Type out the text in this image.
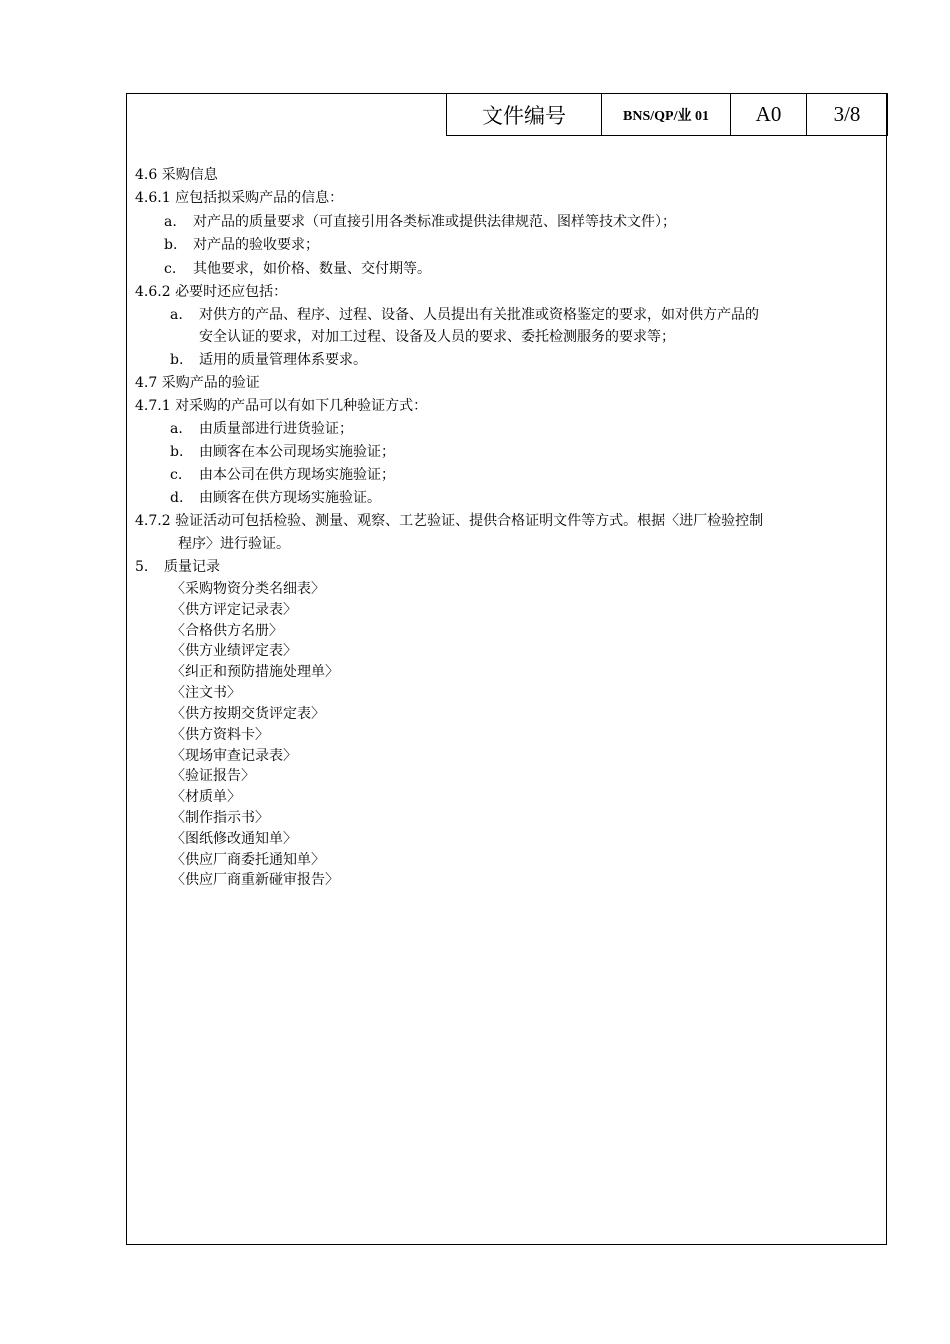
文件编号	BNS/QP/业 01	A0	3/8
4.6 采购信息
4.6.1 应包括拟采购产品的信息：
a. 对产品的质量要求（可直接引用各类标准或提供法律规范、图样等技术文件）；
b. 对产品的验收要求；
c. 其他要求，如价格、数量、交付期等。
4.6.2 必要时还应包括：
a. 对供方的产品、程序、过程、设备、人员提出有关批准或资格鉴定的要求，如对供方产品的
安全认证的要求，对加工过程、设备及人员的要求、委托检测服务的要求等；
b. 适用的质量管理体系要求。
4.7 采购产品的验证
4.7.1 对采购的产品可以有如下几种验证方式：
a. 由质量部进行进货验证；
b. 由顾客在本公司现场实施验证；
c. 由本公司在供方现场实施验证；
d. 由顾客在供方现场实施验证。
4.7.2 验证活动可包括检验、测量、观察、工艺验证、提供合格证明文件等方式。根据〈进厂检验控制
程序〉进行验证。
5. 质量记录
〈采购物资分类名细表〉
〈供方评定记录表〉
〈合格供方名册〉
〈供方业绩评定表〉
〈纠正和预防措施处理单〉
〈注文书〉
〈供方按期交货评定表〉
〈供方资料卡〉
〈现场审查记录表〉
〈验证报告〉
〈材质单〉
〈制作指示书〉
〈图纸修改通知单〉
〈供应厂商委托通知单〉
〈供应厂商重新碰审报告〉
